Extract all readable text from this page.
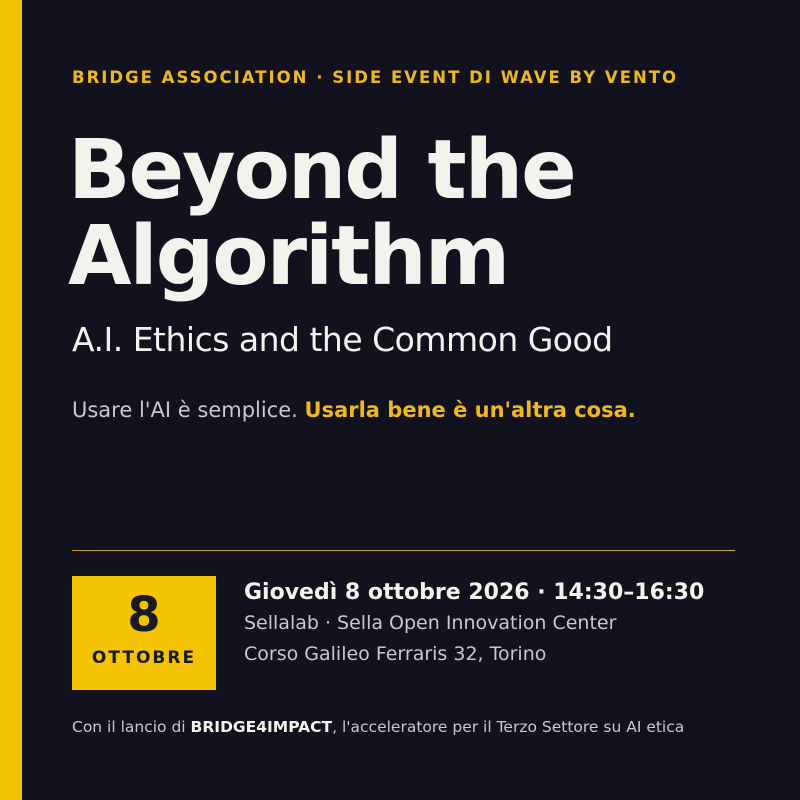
BRIDGE ASSOCIATION · SIDE EVENT DI WAVE BY VENTO
Beyond the
Algorithm
A.I. Ethics and the Common Good
Usare l'AI è semplice. Usarla bene è un'altra cosa.
8
OTTOBRE
Giovedì 8 ottobre 2026 · 14:30–16:30
Sellalab · Sella Open Innovation Center
Corso Galileo Ferraris 32, Torino
Con il lancio di BRIDGE4IMPACT, l'acceleratore per il Terzo Settore su AI etica
